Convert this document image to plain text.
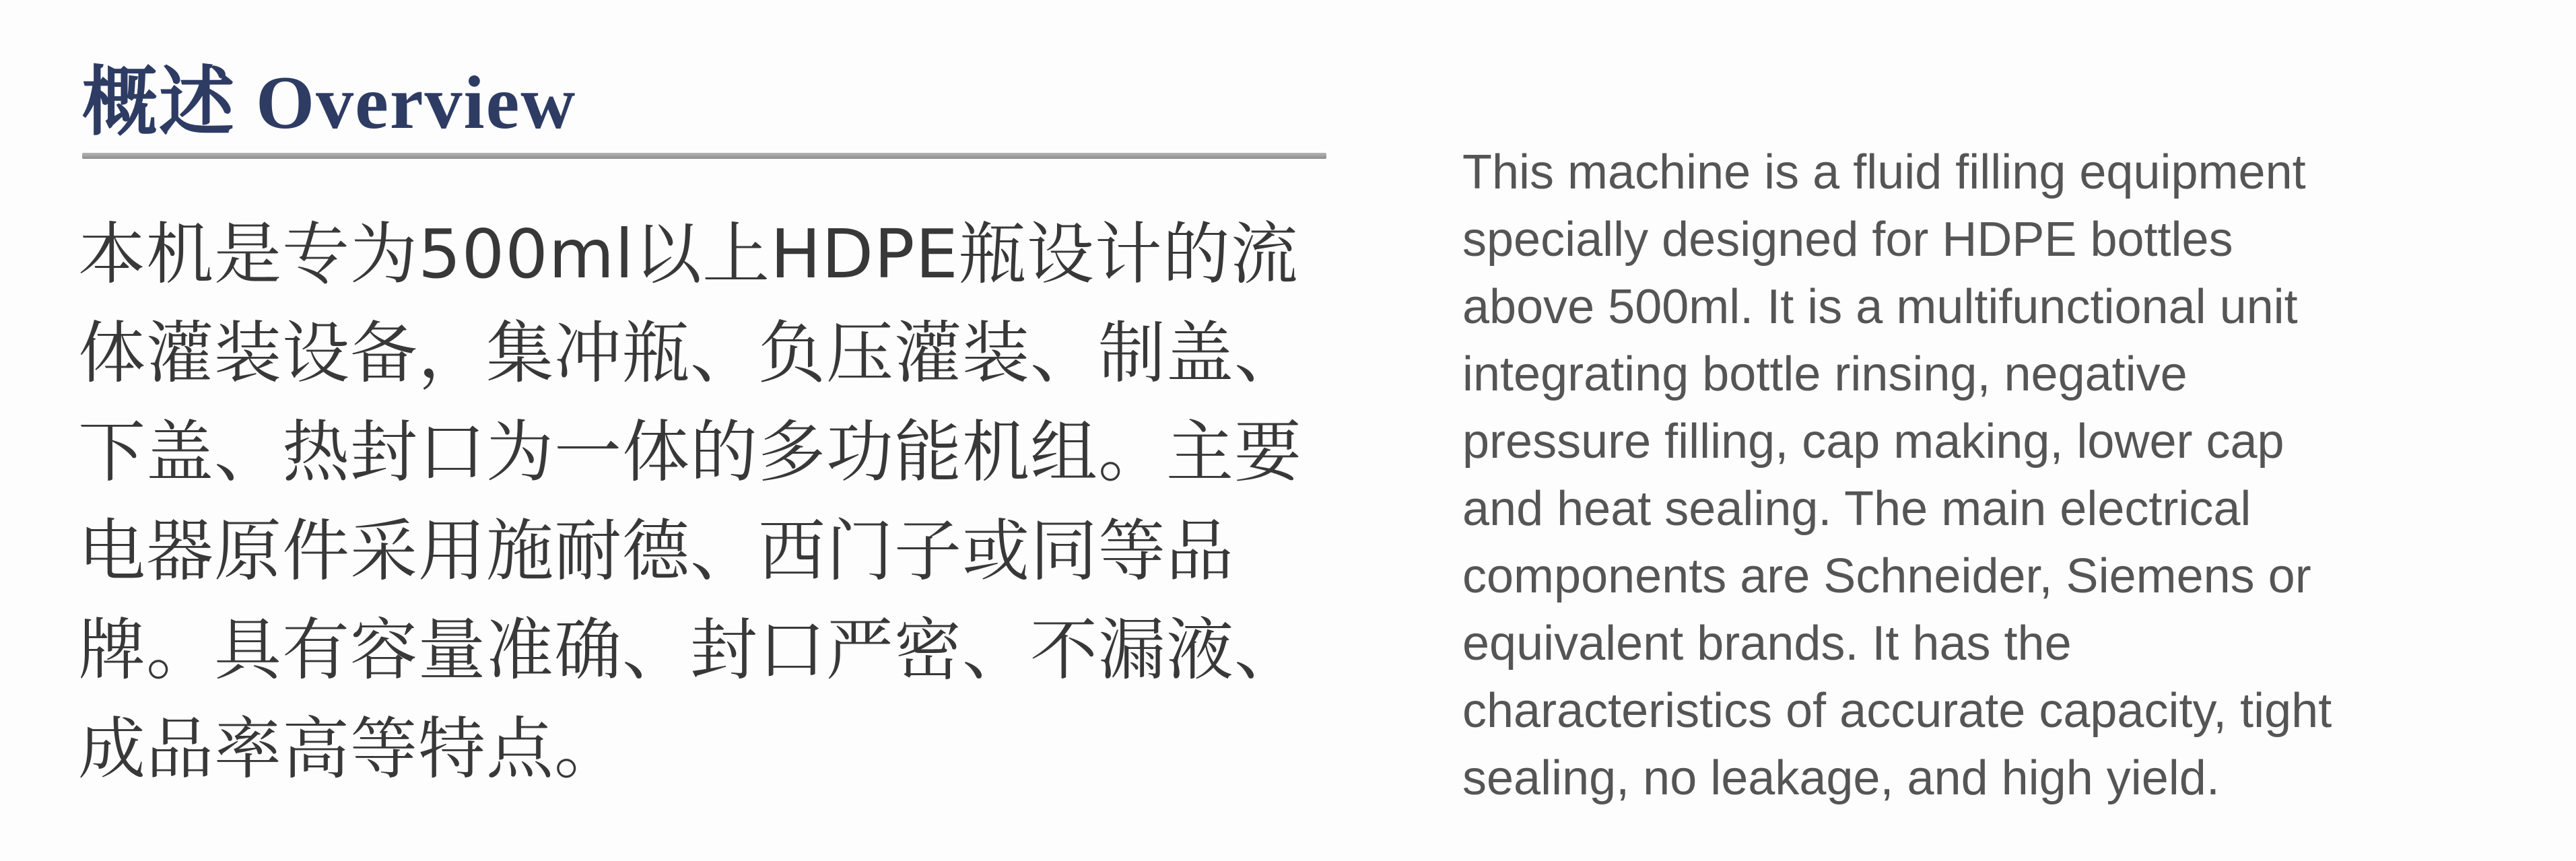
概述 Overview
本机是专为500ml以上HDPE瓶设计的流
体灌装设备，集冲瓶、负压灌装、制盖、
下盖、热封口为一体的多功能机组。主要
电器原件采用施耐德、西门子或同等品
牌。具有容量准确、封口严密、不漏液、
成品率高等特点。
This machine is a fluid filling equipment
specially designed for HDPE bottles
above 500ml. It is a multifunctional unit
integrating bottle rinsing, negative
pressure filling, cap making, lower cap
and heat sealing. The main electrical
components are Schneider, Siemens or
equivalent brands. It has the
characteristics of accurate capacity, tight
sealing, no leakage, and high yield.
